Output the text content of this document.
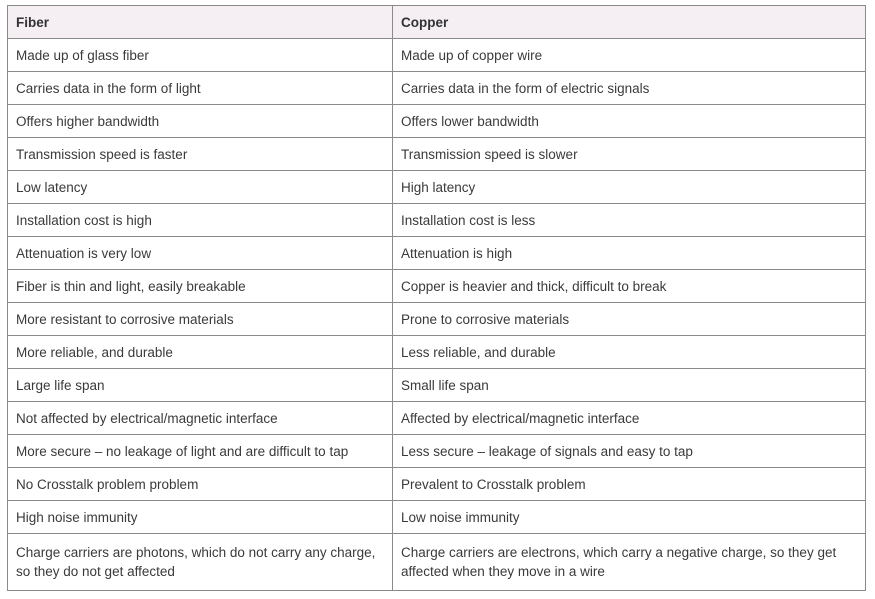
Fiber	Copper
Made up of glass fiber	Made up of copper wire
Carries data in the form of light	Carries data in the form of electric signals
Offers higher bandwidth	Offers lower bandwidth
Transmission speed is faster	Transmission speed is slower
Low latency	High latency
Installation cost is high	Installation cost is less
Attenuation is very low	Attenuation is high
Fiber is thin and light, easily breakable	Copper is heavier and thick, difficult to break
More resistant to corrosive materials	Prone to corrosive materials
More reliable, and durable	Less reliable, and durable
Large life span	Small life span
Not affected by electrical/magnetic interface	Affected by electrical/magnetic interface
More secure – no leakage of light and are difficult to tap	Less secure – leakage of signals and easy to tap
No Crosstalk problem problem	Prevalent to Crosstalk problem
High noise immunity	Low noise immunity
Charge carriers are photons, which do not carry any charge, so they do not get affected	Charge carriers are electrons, which carry a negative charge, so they get affected when they move in a wire
